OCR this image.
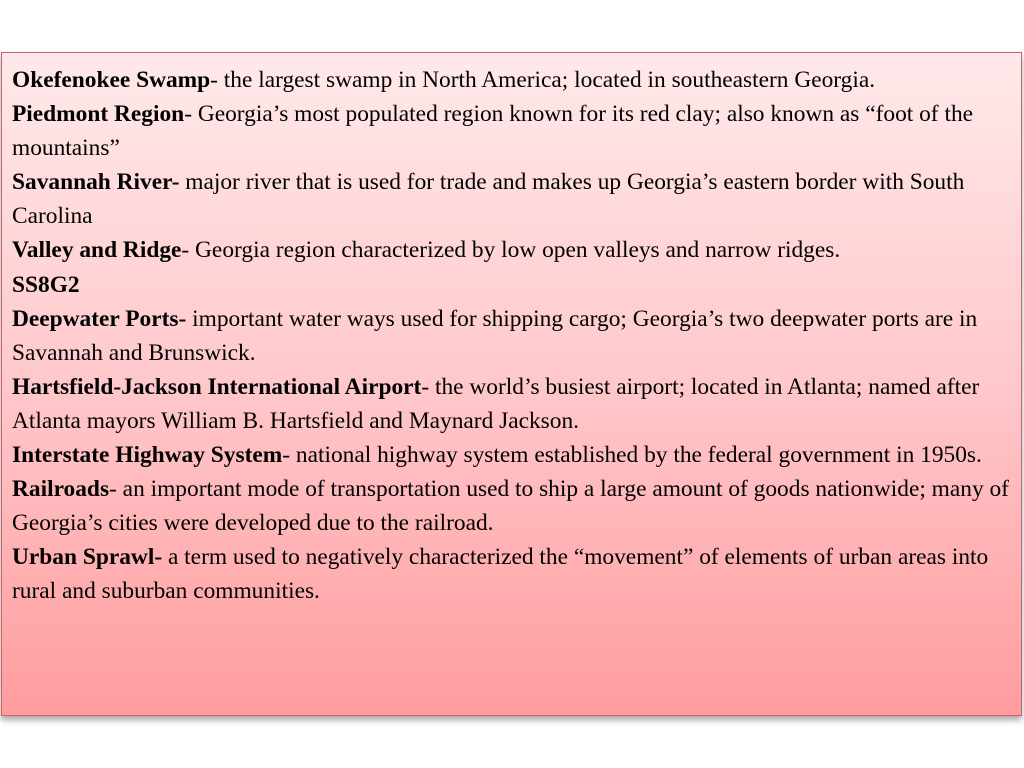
Okefenokee Swamp- the largest swamp in North America; located in southeastern Georgia.

Piedmont Region- Georgia’s most populated region known for its red clay; also known as “foot of the mountains”

Savannah River- major river that is used for trade and makes up Georgia’s eastern border with South Carolina

Valley and Ridge- Georgia region characterized by low open valleys and narrow ridges.

SS8G2

Deepwater Ports- important water ways used for shipping cargo; Georgia’s two deepwater ports are in Savannah and Brunswick.

Hartsfield-Jackson International Airport- the world’s busiest airport; located in Atlanta; named after Atlanta mayors William B. Hartsfield and Maynard Jackson.

Interstate Highway System- national highway system established by the federal government in 1950s.

Railroads- an important mode of transportation used to ship a large amount of goods nationwide; many of Georgia’s cities were developed due to the railroad.

Urban Sprawl- a term used to negatively characterized the “movement” of elements of urban areas into rural and suburban communities.
